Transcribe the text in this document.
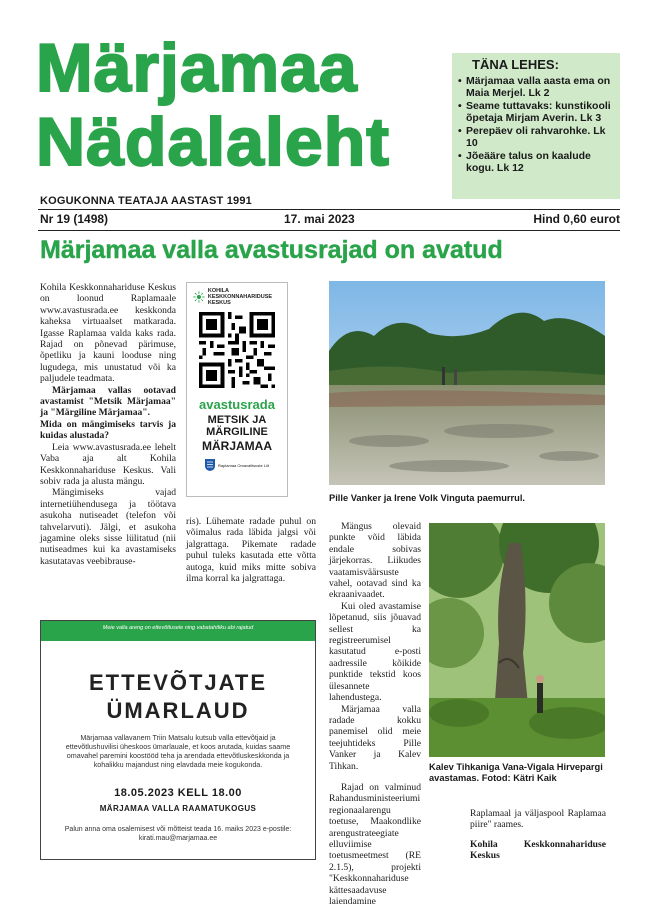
Märjamaa
Nädalaleht
KOGUKONNA TEATAJA AASTAST 1991
TÄNA LEHES:
• Märjamaa valla aasta ema on Maia Merjel. Lk 2
• Seame tuttavaks: kunstikooli õpetaja Mirjam Averin. Lk 3
• Perepäev oli rahvarohke. Lk 10
• Jõeääre talus on kaalude kogu. Lk 12
Nr 19 (1498)	17. mai 2023	Hind 0,60 eurot
Märjamaa valla avastusrajad on avatud

Kohila Keskkonnahariduse Keskus on loonud Raplamaale www.avastusrada.ee keskkonda kaheksa virtuaalset matkarada. Igasse Raplamaa valda kaks rada. Rajad on põnevad pärimuse, õpetliku ja kauni looduse ning lugudega, mis unustatud või ka paljudele teadmata.

Märjamaa vallas ootavad avastamist "Metsik Märjamaa" ja "Märgiline Märjamaa".

Mida on mängimiseks tarvis ja kuidas alustada?

Leia www.avastusrada.ee lehelt Vaba aja alt Kohila Keskkonnahariduse Keskus. Vali sobiv rada ja alusta mängu.

Mängimiseks vajad internetiühendusega ja töötava asukoha nutiseadet (telefon või tahvelarvuti). Jälgi, et asukoha jagamine oleks sisse lülitatud (nii nutiseadmes kui ka avastamiseks kasutatavas veebibrause-

KOHILA KESKKONNAHARIDUSE KESKUS
avastusrada
METSIK JA MÄRGILINE
MÄRJAMAA
Raplamaa Omavalitsuste Liit

ris). Lühemate radade puhul on võimalus rada läbida jalgsi või jalgrattaga. Pikemate radade puhul tuleks kasutada ette võtta autoga, kuid miks mitte sobiva ilma korral ka jalgrattaga.

Pille Vanker ja Irene Volk Vinguta paemurrul.

Mängus olevaid punkte võid läbida endale sobivas järjekorras. Liikudes vaatamisväärsuste vahel, ootavad sind ka ekraanivaadet.

Kui oled avastamise lõpetanud, siis jõuavad sellest ka registreerumisel kasutatud e-posti aadressile kõikide punktide tekstid koos ülesannete lahendustega.

Märjamaa valla radade kokku panemisel olid meie teejuhtideks Pille Vanker ja Kalev Tihkan.

Rajad on valminud Rahandusministeeriumi regionaalarengu toetuse, Maakondlike arengustrateegiate elluviimise toetusmeetmest (RE 2.1.5), projekti "Keskkonnahariduse kättesaadavuse laiendamine

Kalev Tihkaniga Vana-Vigala Hirvepargi avastamas. Fotod: Kätri Kaik

Raplamaal ja väljaspool Raplamaa piire" raames.

Kohila Keskkonnahariduse Keskus

Meie valla areng on ettevõtlusele ning vabatahtliku abi rajatud
ETTEVÕTJATE
ÜMARLAUD
Märjamaa vallavanem Triin Matsalu kutsub valla ettevõtjaid ja ettevõtlushuvilisi üheskoos ümarlauale, et koos arutada, kuidas saame omavahel paremini koostööd teha ja arendada ettevõtluskeskkonda ja kohalikku majandust ning elavdada meie kogukonda.
18.05.2023 KELL 18.00
MÄRJAMAA VALLA RAAMATUKOGUS
Palun anna oma osalemisest või mõtteist teada 16. maiks 2023 e-postile: kirati.mau@marjamaa.ee
